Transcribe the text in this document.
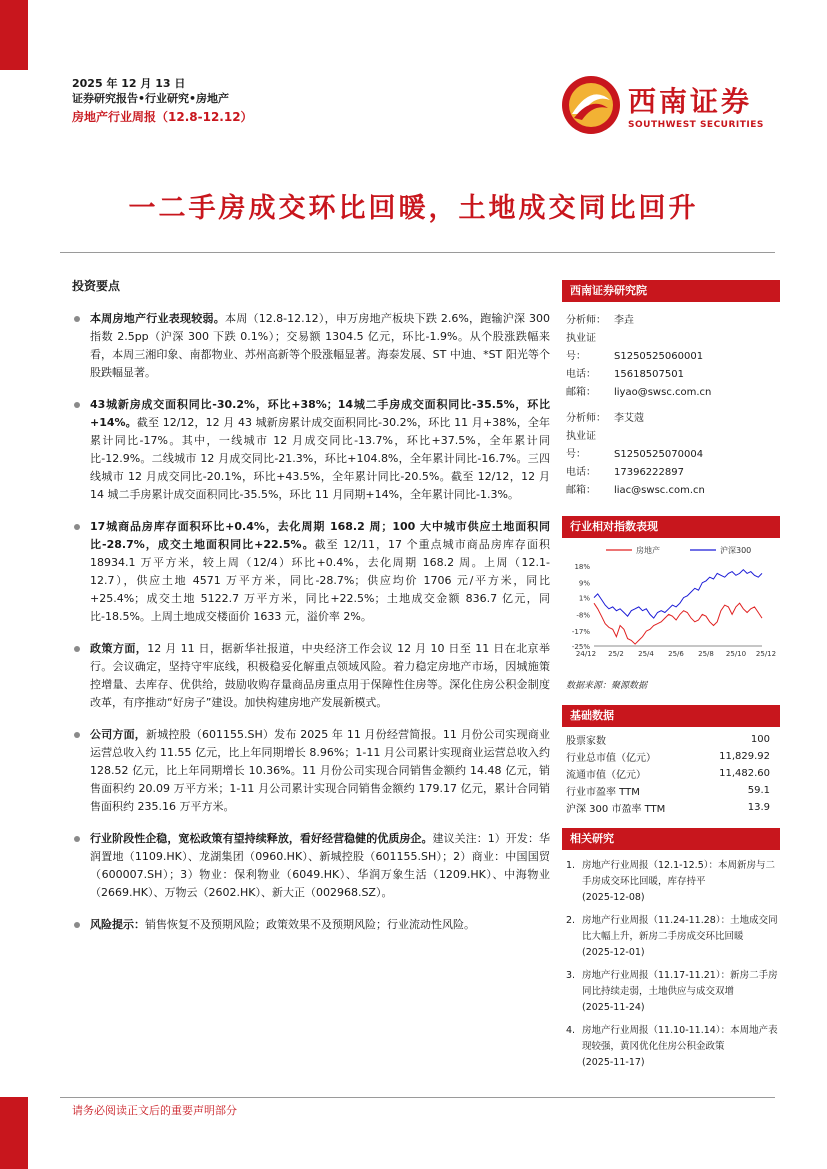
2025 年 12 月 13 日
证券研究报告•行业研究•房地产
房地产行业周报（12.8-12.12）	西南证券
SOUTHWEST SECURITIES
一二手房成交环比回暖，土地成交同比回升
投资要点
本周房地产行业表现较弱。本周（12.8-12.12），申万房地产板块下跌 2.6%，跑输沪深 300 指数 2.5pp（沪深 300 下跌 0.1%）；交易额 1304.5 亿元，环比-1.9%。从个股涨跌幅来看，本周三湘印象、南都物业、苏州高新等个股涨幅显著。海泰发展、ST 中迪、*ST 阳光等个股跌幅显著。
43城新房成交面积同比-30.2%，环比+38%；14城二手房成交面积同比-35.5%，环比+14%。截至 12/12，12 月 43 城新房累计成交面积同比-30.2%，环比 11 月+38%，全年累计同比-17%。其中，一线城市 12 月成交同比-13.7%，环比+37.5%，全年累计同比-12.9%。二线城市 12 月成交同比-21.3%，环比+104.8%，全年累计同比-16.7%。三四线城市 12 月成交同比-20.1%，环比+43.5%，全年累计同比-20.5%。截至 12/12，12 月 14 城二手房累计成交面积同比-35.5%，环比 11 月同期+14%，全年累计同比-1.3%。
17城商品房库存面积环比+0.4%，去化周期 168.2 周；100 大中城市供应土地面积同比-28.7%，成交土地面积同比+22.5%。截至 12/11，17 个重点城市商品房库存面积 18934.1 万平方米，较上周（12/4）环比+0.4%，去化周期 168.2 周。上周（12.1-12.7），供应土地 4571 万平方米，同比-28.7%；供应均价 1706 元/平方米，同比+25.4%；成交土地 5122.7 万平方米，同比+22.5%；土地成交金额 836.7 亿元，同比-18.5%。上周土地成交楼面价 1633 元，溢价率 2%。
政策方面，12 月 11 日，据新华社报道，中央经济工作会议 12 月 10 日至 11 日在北京举行。会议确定，坚持守牢底线，积极稳妥化解重点领域风险。着力稳定房地产市场，因城施策控增量、去库存、优供给，鼓励收购存量商品房重点用于保障性住房等。深化住房公积金制度改革，有序推动“好房子”建设。加快构建房地产发展新模式。
公司方面，新城控股（601155.SH）发布 2025 年 11 月份经营简报。11 月份公司实现商业运营总收入约 11.55 亿元，比上年同期增长 8.96%；1-11 月公司累计实现商业运营总收入约 128.52 亿元，比上年同期增长 10.36%。11 月份公司实现合同销售金额约 14.48 亿元，销售面积约 20.09 万平方米；1-11 月公司累计实现合同销售金额约 179.17 亿元，累计合同销售面积约 235.16 万平方米。
行业阶段性企稳，宽松政策有望持续释放，看好经营稳健的优质房企。建议关注：1）开发：华润置地（1109.HK）、龙湖集团（0960.HK）、新城控股（601155.SH）；2）商业：中国国贸（600007.SH）；3）物业：保利物业（6049.HK）、华润万象生活（1209.HK）、中海物业（2669.HK）、万物云（2602.HK）、新大正（002968.SZ）。
风险提示：销售恢复不及预期风险；政策效果不及预期风险；行业流动性风险。
西南证券研究院
分析师： 李垚
执业证号：	S1250525060001
电话： 15618507501
邮箱： liyao@swsc.com.cn
分析师： 李艾蔻
执业证号：	S1250525070004
电话： 17396222897
邮箱： liac@swsc.com.cn
行业相对指数表现
房地产	沪深300
18%
9%
1%
-8%
-17%
-25%
24/12 25/2 25/4 25/6 25/8 25/10 25/12
数据来源：聚源数据
基础数据
股票家数	100
行业总市值（亿元）	11,829.92
流通市值（亿元）	11,482.60
行业市盈率 TTM	59.1
沪深 300 市盈率 TTM	13.9
相关研究
1. 房地产行业周报（12.1-12.5）：本周新房与二手房成交环比回暖，库存持平
(2025-12-08)
2. 房地产行业周报（11.24-11.28）：土地成交同比大幅上升，新房二手房成交环比回暖
(2025-12-01)
3. 房地产行业周报（11.17-11.21）：新房二手房同比持续走弱，土地供应与成交双增
(2025-11-24)
4. 房地产行业周报（11.10-11.14）：本周地产表现较强，黄冈优化住房公积金政策
(2025-11-17)
请务必阅读正文后的重要声明部分
